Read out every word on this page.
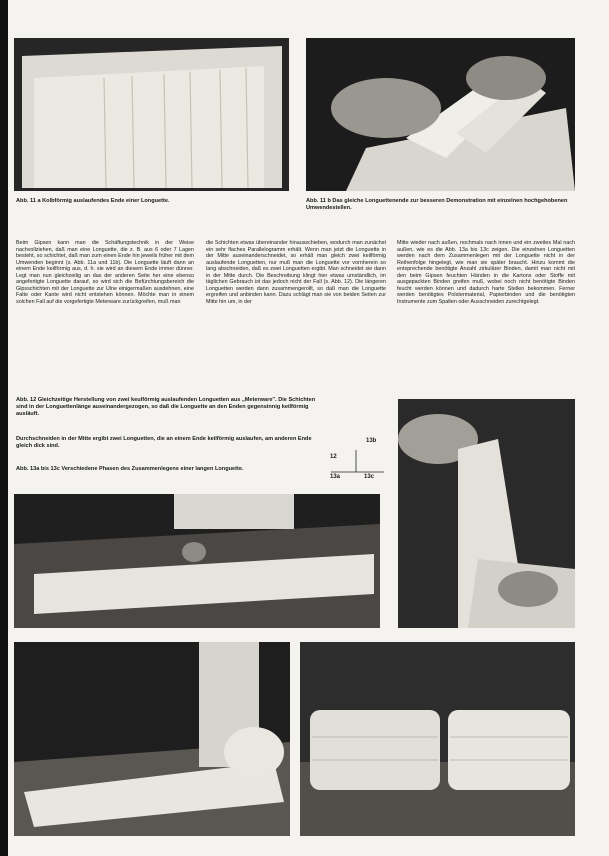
Abb. 11 a Kolbförmig auslaufendes Ende einer Longuette.	Abb. 11 b Das gleiche Longuettenende zur besseren Demonstration mit einzelnen hochgehobenen Umwendestellen.

Beim Gipsen kann man die Schäftungstechnik in der Weise nachvollziehen, daß man eine Longuette, die z. B. aus 6 oder 7 Lagen besteht, so schichtet, daß man zum einen Ende hin jeweils früher mit dem Umwenden beginnt (s. Abb. 11a und 11b). Die Longuette läuft dann an einem Ende keilförmig aus, d. h. sie wird an diesem Ende immer dünner. Legt man nun gleichzeitig an das der anderen Seite her eine ebenso angefertigte Longuette darauf, so wird sich die Befürchtungsbereich die Gipsschichten mit der Longuette zur Ulne einigermaßen ausdehnen, eine Falte oder Kante wird nicht entstehen können. Möchte man in einem solchen Fall auf die vorgefertigte Meterware zurückgreifen, muß man

die Schichten etwas übereinander hinausschieben, wodurch man zunächst ein sehr flaches Parallelogramm erhält. Wenn man jetzt die Longuette in der Mitte auseinanderschneidet, so erhält man gleich zwei keilförmig auslaufende Longuetten, nur muß man die Longuette vor vornherein so lang abschneiden, daß es zwei Longuetten ergibt. Man schneidet sie dann in der Mitte durch. Die Beschreibung klingt hier etwas umständlich, im täglichen Gebrauch ist das jedoch nicht der Fall (s. Abb. 12). Die längeren Longuetten werden dann zusammengerollt, so daß man die Longuette ergreifen und anbinden kann. Dazu schlägt man sie von beiden Seiten zur Mitte hin um, in der

Mitte wieder nach außen, nochmals nach innen und ein zweites Mal nach außen, wie es die Abb. 13a bis 13c zeigen. Die einzelnen Longuetten werden nach dem Zusammenlegen mit der Longuette nicht in der Reihenfolge hingelegt, wie man sie später braucht. Hinzu kommt die entsprechende benötigte Anzahl zirkulärer Binden, damit man nicht mit den beim Gipsen feuchten Händen in die Kartons oder Stoffe mit ausgepackten Binden greifen muß, wobei noch nicht benötigte Binden feucht werden können und dadurch harte Stellen bekommen. Ferner werden benötigtes Polstermaterial, Papierbinden und die benötigten Instrumente zum Spalten oder Ausschneiden zurechtgelegt.

Abb. 12 Gleichzeitige Herstellung von zwei keulförmig auslaufenden Longuetten aus „Meterware". Die Schichten sind in der Longuettenlänge auseinandergezogen, so daß die Longuette an den Enden gegensinnig keilförmig ausläuft.
Durchschneiden in der Mitte ergibt zwei Longuetten, die an einem Ende keilförmig auslaufen, am anderen Ende gleich dick sind.
Abb. 13a bis 13c Verschiedene Phasen des Zusammenlegens einer langen Longuette.
13b
12
13a	13c
